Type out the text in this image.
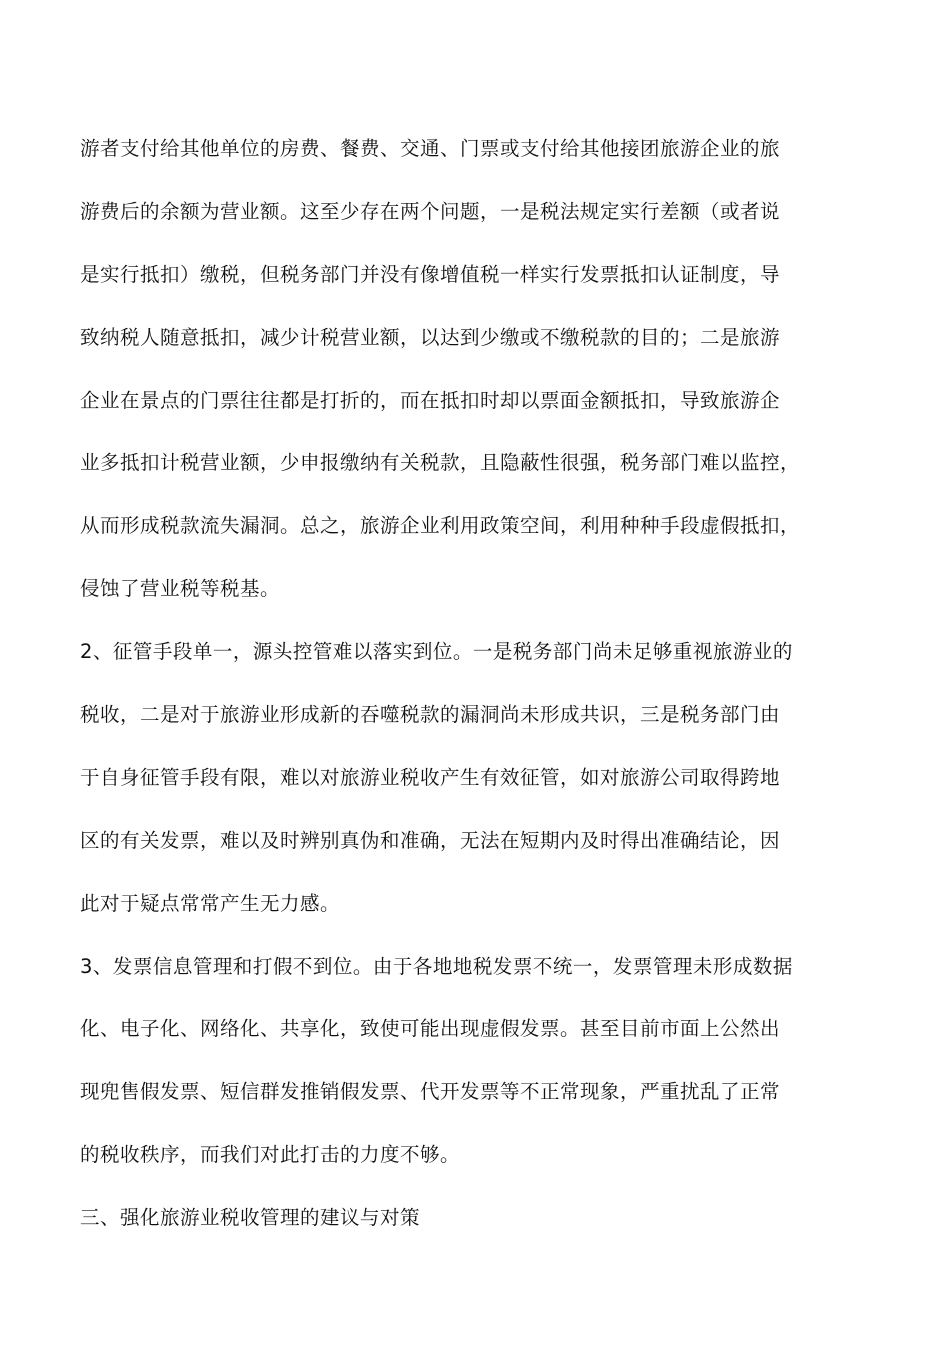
游者支付给其他单位的房费、餐费、交通、门票或支付给其他接团旅游企业的旅
游费后的余额为营业额。这至少存在两个问题，一是税法规定实行差额（或者说
是实行抵扣）缴税，但税务部门并没有像增值税一样实行发票抵扣认证制度，导
致纳税人随意抵扣，减少计税营业额，以达到少缴或不缴税款的目的；二是旅游
企业在景点的门票往往都是打折的，而在抵扣时却以票面金额抵扣，导致旅游企
业多抵扣计税营业额，少申报缴纳有关税款，且隐蔽性很强，税务部门难以监控，
从而形成税款流失漏洞。总之，旅游企业利用政策空间，利用种种手段虚假抵扣，
侵蚀了营业税等税基。
2、征管手段单一，源头控管难以落实到位。一是税务部门尚未足够重视旅游业的
税收，二是对于旅游业形成新的吞噬税款的漏洞尚未形成共识，三是税务部门由
于自身征管手段有限，难以对旅游业税收产生有效征管，如对旅游公司取得跨地
区的有关发票，难以及时辨别真伪和准确，无法在短期内及时得出准确结论，因
此对于疑点常常产生无力感。
3、发票信息管理和打假不到位。由于各地地税发票不统一，发票管理未形成数据
化、电子化、网络化、共享化，致使可能出现虚假发票。甚至目前市面上公然出
现兜售假发票、短信群发推销假发票、代开发票等不正常现象，严重扰乱了正常
的税收秩序，而我们对此打击的力度不够。
三、强化旅游业税收管理的建议与对策
